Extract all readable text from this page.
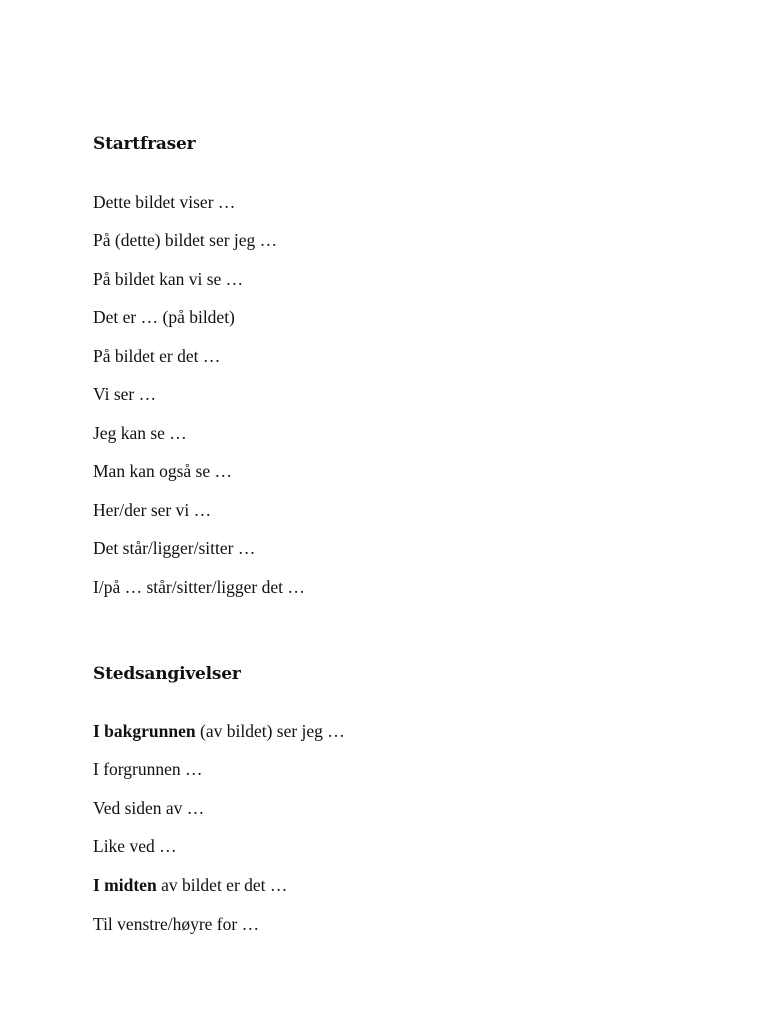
Startfraser

Dette bildet viser …

På (dette) bildet ser jeg …

På bildet kan vi se …

Det er … (på bildet)

På bildet er det …

Vi ser …

Jeg kan se …

Man kan også se …

Her/der ser vi …

Det står/ligger/sitter …

I/på … står/sitter/ligger det …

Stedsangivelser

I bakgrunnen (av bildet) ser jeg …

I forgrunnen …

Ved siden av …

Like ved …

I midten av bildet er det …

Til venstre/høyre for …
